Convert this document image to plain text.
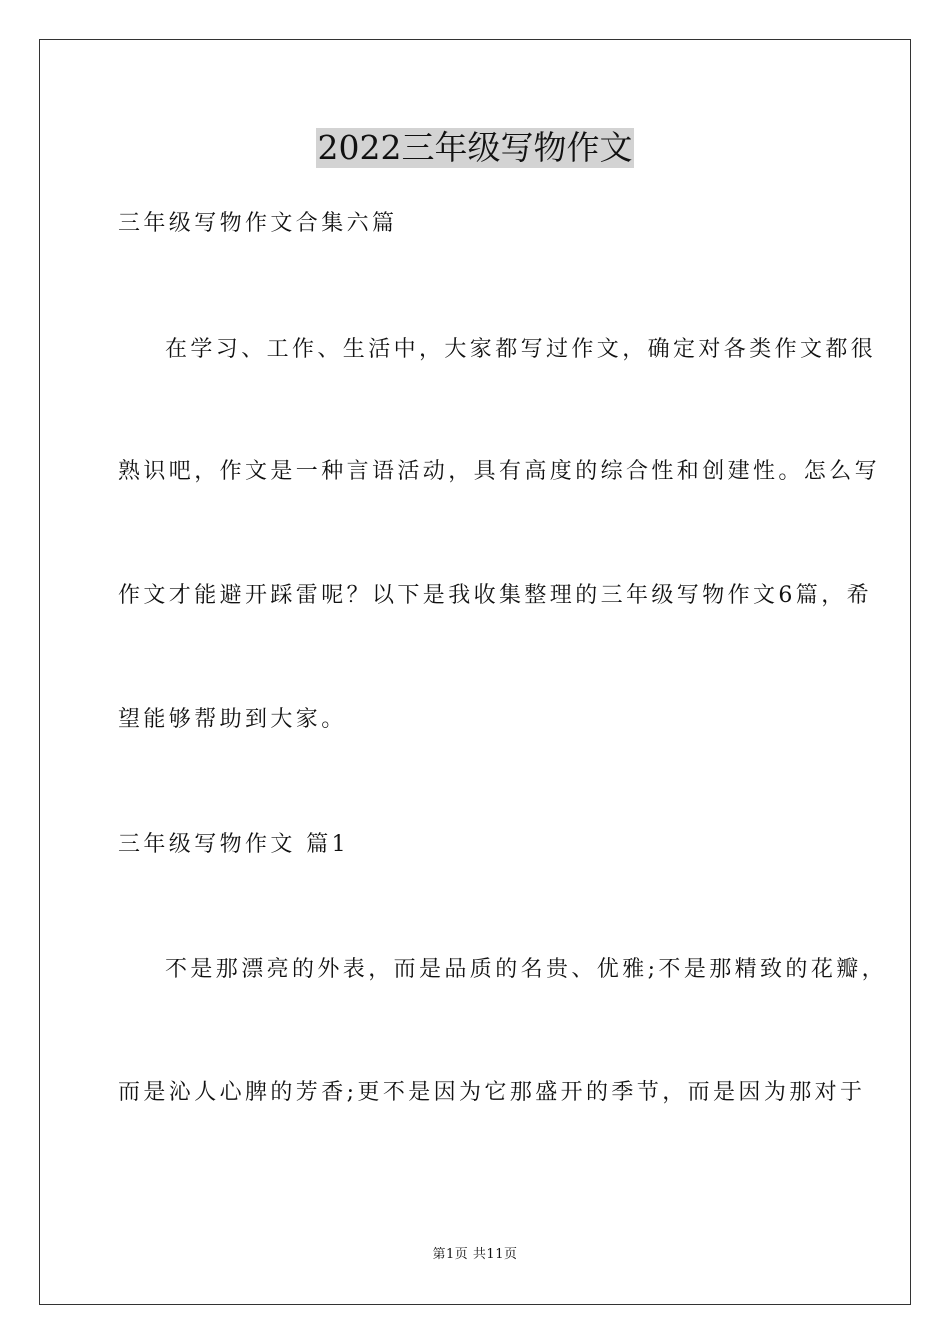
2022三年级写物作文
三年级写物作文合集六篇
在学习、工作、生活中，大家都写过作文，确定对各类作文都很
熟识吧，作文是一种言语活动，具有高度的综合性和创建性。怎么写
作文才能避开踩雷呢？以下是我收集整理的三年级写物作文6篇，希
望能够帮助到大家。
三年级写物作文 篇1
不是那漂亮的外表，而是品质的名贵、优雅;不是那精致的花瓣，
而是沁人心脾的芳香;更不是因为它那盛开的季节，而是因为那对于
第1页 共11页
